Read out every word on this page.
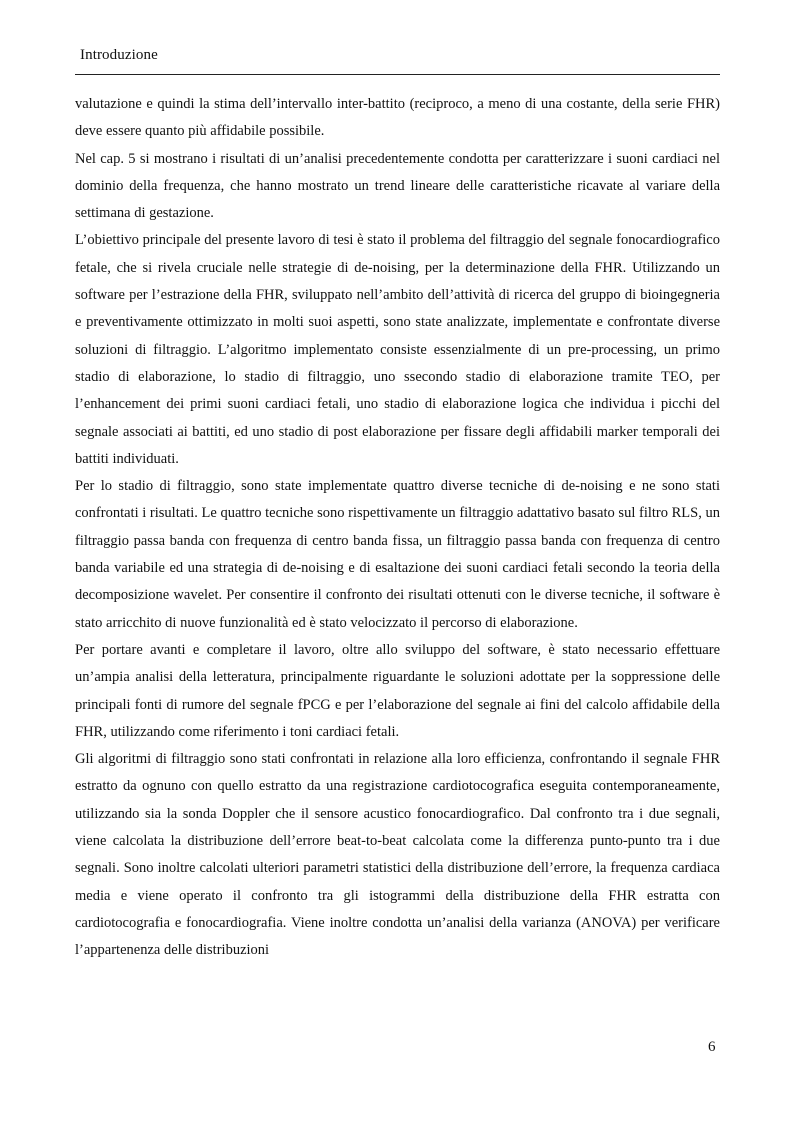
Introduzione

valutazione e quindi la stima dell’intervallo inter-battito (reciproco, a meno di una costante, della serie FHR) deve essere quanto più affidabile possibile.

Nel cap. 5 si mostrano i risultati di un’analisi precedentemente condotta per caratterizzare i suoni cardiaci nel dominio della frequenza, che hanno mostrato un trend lineare delle caratteristiche ricavate al variare della settimana di gestazione.

L’obiettivo principale del presente lavoro di tesi è stato il problema del filtraggio del segnale fonocardiografico fetale, che si rivela cruciale nelle strategie di de-noising, per la determinazione della FHR. Utilizzando un software per l’estrazione della FHR, sviluppato nell’ambito dell’attività di ricerca del gruppo di bioingegneria e preventivamente ottimizzato in molti suoi aspetti, sono state analizzate, implementate e confrontate diverse soluzioni di filtraggio. L’algoritmo implementato consiste essenzialmente di un pre-processing, un primo stadio di elaborazione, lo stadio di filtraggio, uno ssecondo stadio di elaborazione tramite TEO, per l’enhancement dei primi suoni cardiaci fetali, uno stadio di elaborazione logica che individua i picchi del segnale associati ai battiti, ed uno stadio di post elaborazione per fissare degli affidabili marker temporali dei battiti individuati.

Per lo stadio di filtraggio, sono state implementate quattro diverse tecniche di de-noising e ne sono stati confrontati i risultati. Le quattro tecniche sono rispettivamente un filtraggio adattativo basato sul filtro RLS, un filtraggio passa banda con frequenza di centro banda fissa, un filtraggio passa banda con frequenza di centro banda variabile ed una strategia di de-noising e di esaltazione dei suoni cardiaci fetali secondo la teoria della decomposizione wavelet. Per consentire il confronto dei risultati ottenuti con le diverse tecniche, il software è stato arricchito di nuove funzionalità ed è stato velocizzato il percorso di elaborazione.

Per portare avanti e completare il lavoro, oltre allo sviluppo del software, è stato necessario effettuare un’ampia analisi della letteratura, principalmente riguardante le soluzioni adottate per la soppressione delle principali fonti di rumore del segnale fPCG e per l’elaborazione del segnale ai fini del calcolo affidabile della FHR, utilizzando come riferimento i toni cardiaci fetali.

Gli algoritmi di filtraggio sono stati confrontati in relazione alla loro efficienza, confrontando il segnale FHR estratto da ognuno con quello estratto da una registrazione cardiotocografica eseguita contemporaneamente, utilizzando sia la sonda Doppler che il sensore acustico fonocardiografico. Dal confronto tra i due segnali, viene calcolata la distribuzione dell’errore beat-to-beat calcolata come la differenza punto-punto tra i due segnali. Sono inoltre calcolati ulteriori parametri statistici della distribuzione dell’errore, la frequenza cardiaca media e viene operato il confronto tra gli istogrammi della distribuzione della FHR estratta con cardiotocografia e fonocardiografia. Viene inoltre condotta un’analisi della varianza (ANOVA) per verificare l’appartenenza delle distribuzioni

6
